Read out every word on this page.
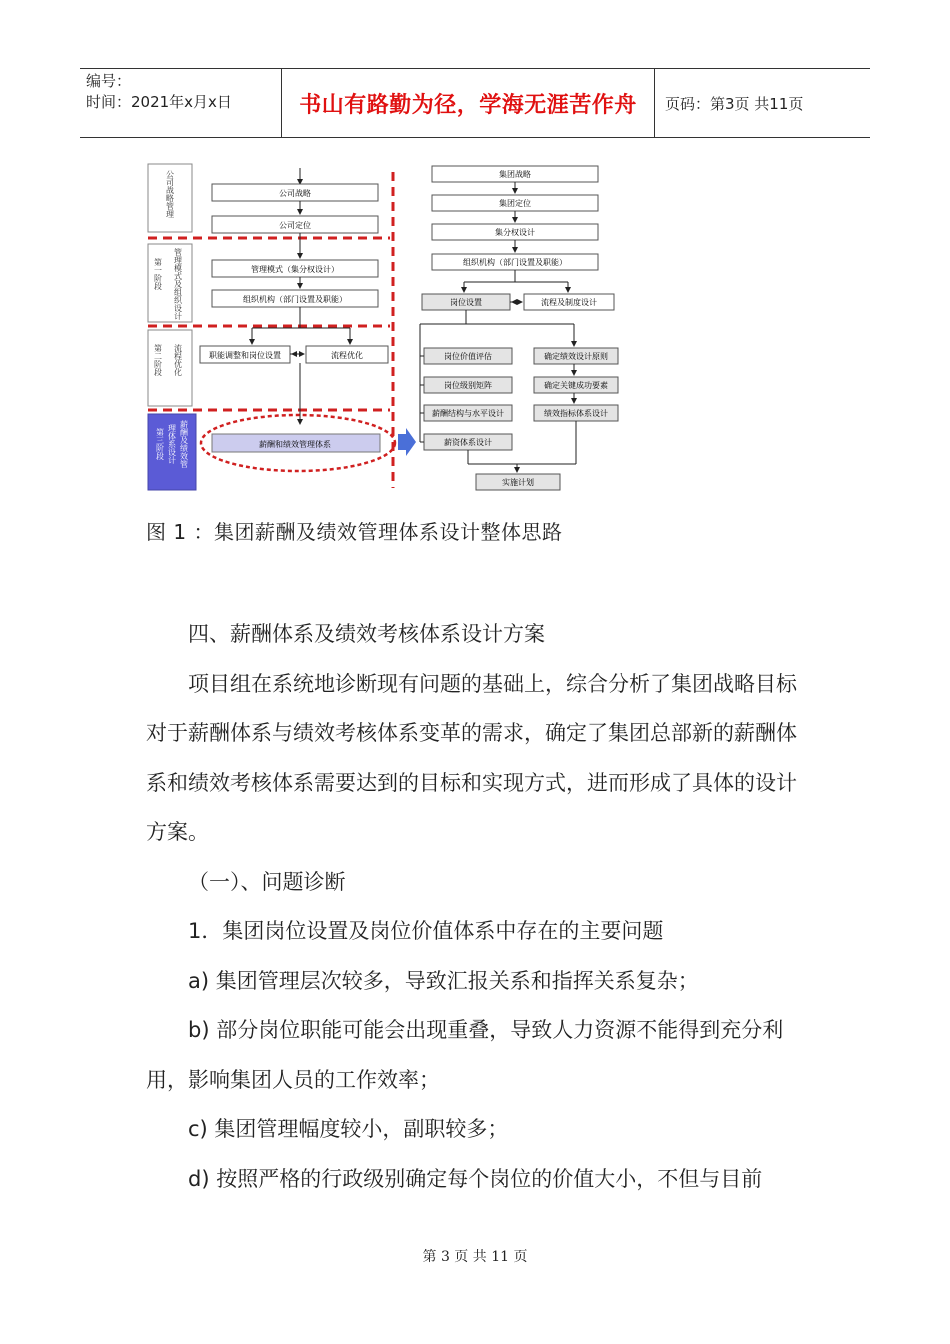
编号：
时间：2021年x月x日	书山有路勤为径，学海无涯苦作舟	页码：第3页 共11页
公司战略管理
第一阶段 管理模式及组织设计
第二阶段 流程优化
薪酬及绩效管
理体系设计
第三阶段
公司战略
公司定位
管理模式（集分权设计）
组织机构（部门设置及职能）
职能调整和岗位设置	流程优化
薪酬和绩效管理体系
集团战略
集团定位
集分权设计
组织机构（部门设置及职能）
岗位设置	流程及制度设计
岗位价值评估
岗位级别矩阵
薪酬结构与水平设计
薪资体系设计
确定绩效设计原则
确定关键成功要素
绩效指标体系设计
实施计划
图 1 ：集团薪酬及绩效管理体系设计整体思路

四、薪酬体系及绩效考核体系设计方案

项目组在系统地诊断现有问题的基础上，综合分析了集团战略目标对于薪酬体系与绩效考核体系变革的需求，确定了集团总部新的薪酬体系和绩效考核体系需要达到的目标和实现方式，进而形成了具体的设计方案。

（一）、问题诊断

1．集团岗位设置及岗位价值体系中存在的主要问题

a) 集团管理层次较多，导致汇报关系和指挥关系复杂；

b) 部分岗位职能可能会出现重叠，导致人力资源不能得到充分利用，影响集团人员的工作效率；

c) 集团管理幅度较小，副职较多；

d) 按照严格的行政级别确定每个岗位的价值大小，不但与目前

第 3 页 共 11 页
